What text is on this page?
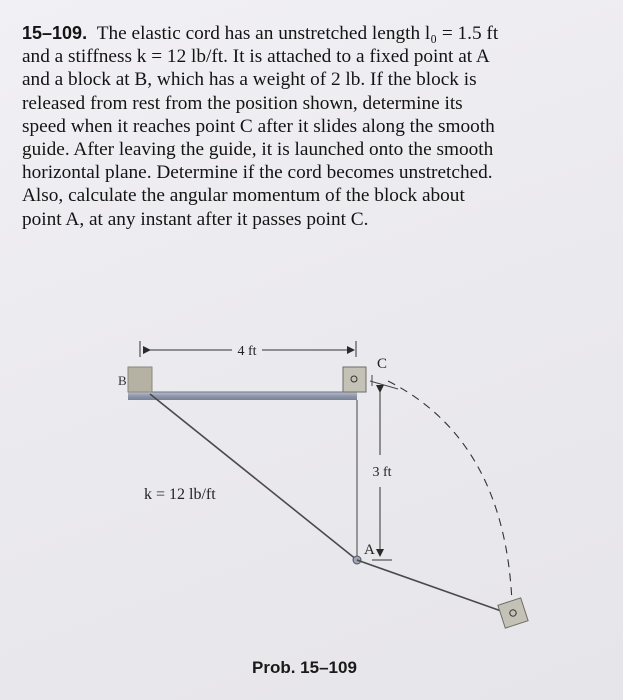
15–109. The elastic cord has an unstretched length l₀ = 1.5 ft
and a stiffness k = 12 lb/ft. It is attached to a fixed point at A
and a block at B, which has a weight of 2 lb. If the block is
released from rest from the position shown, determine its
speed when it reaches point C after it slides along the smooth
guide. After leaving the guide, it is launched onto the smooth
horizontal plane. Determine if the cord becomes unstretched.
Also, calculate the angular momentum of the block about
point A, at any instant after it passes point C.

4 ft
B
C
3 ft
A
k = 12 lb/ft
Prob. 15–109
